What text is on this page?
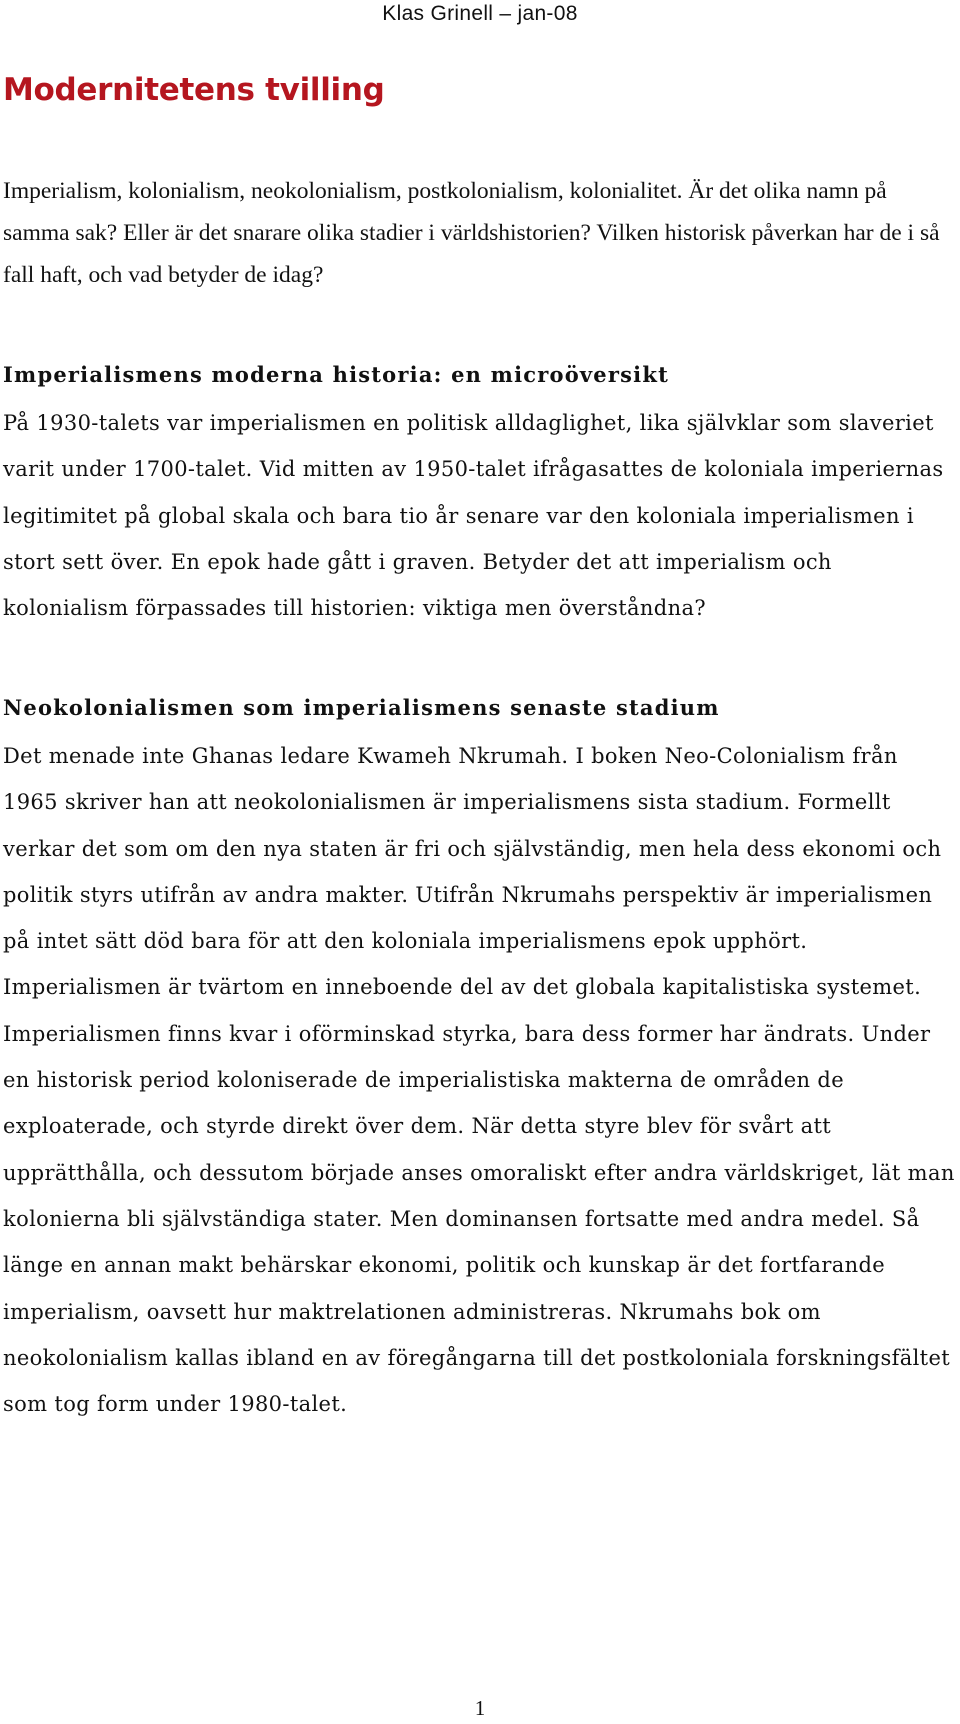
Klas Grinell – jan-08
Modernitetens tvilling

Imperialism, kolonialism, neokolonialism, postkolonialism, kolonialitet. Är det olika namn på samma sak? Eller är det snarare olika stadier i världshistorien? Vilken historisk påverkan har de i så fall haft, och vad betyder de idag?

Imperialismens moderna historia: en microöversikt

På 1930-talets var imperialismen en politisk alldaglighet, lika självklar som slaveriet varit under 1700-talet. Vid mitten av 1950-talet ifrågasattes de koloniala imperiernas legitimitet på global skala och bara tio år senare var den koloniala imperialismen i stort sett över. En epok hade gått i graven. Betyder det att imperialism och kolonialism förpassades till historien: viktiga men överståndna?

Neokolonialismen som imperialismens senaste stadium

Det menade inte Ghanas ledare Kwameh Nkrumah. I boken Neo-Colonialism från 1965 skriver han att neokolonialismen är imperialismens sista stadium. Formellt verkar det som om den nya staten är fri och självständig, men hela dess ekonomi och politik styrs utifrån av andra makter. Utifrån Nkrumahs perspektiv är imperialismen på intet sätt död bara för att den koloniala imperialismens epok upphört. Imperialismen är tvärtom en inneboende del av det globala kapitalistiska systemet. Imperialismen finns kvar i oförminskad styrka, bara dess former har ändrats. Under en historisk period koloniserade de imperialistiska makterna de områden de exploaterade, och styrde direkt över dem. När detta styre blev för svårt att upprätthålla, och dessutom började anses omoraliskt efter andra världskriget, lät man kolonierna bli självständiga stater. Men dominansen fortsatte med andra medel. Så länge en annan makt behärskar ekonomi, politik och kunskap är det fortfarande imperialism, oavsett hur maktrelationen administreras. Nkrumahs bok om neokolonialism kallas ibland en av föregångarna till det postkoloniala forskningsfältet som tog form under 1980-talet.

1
